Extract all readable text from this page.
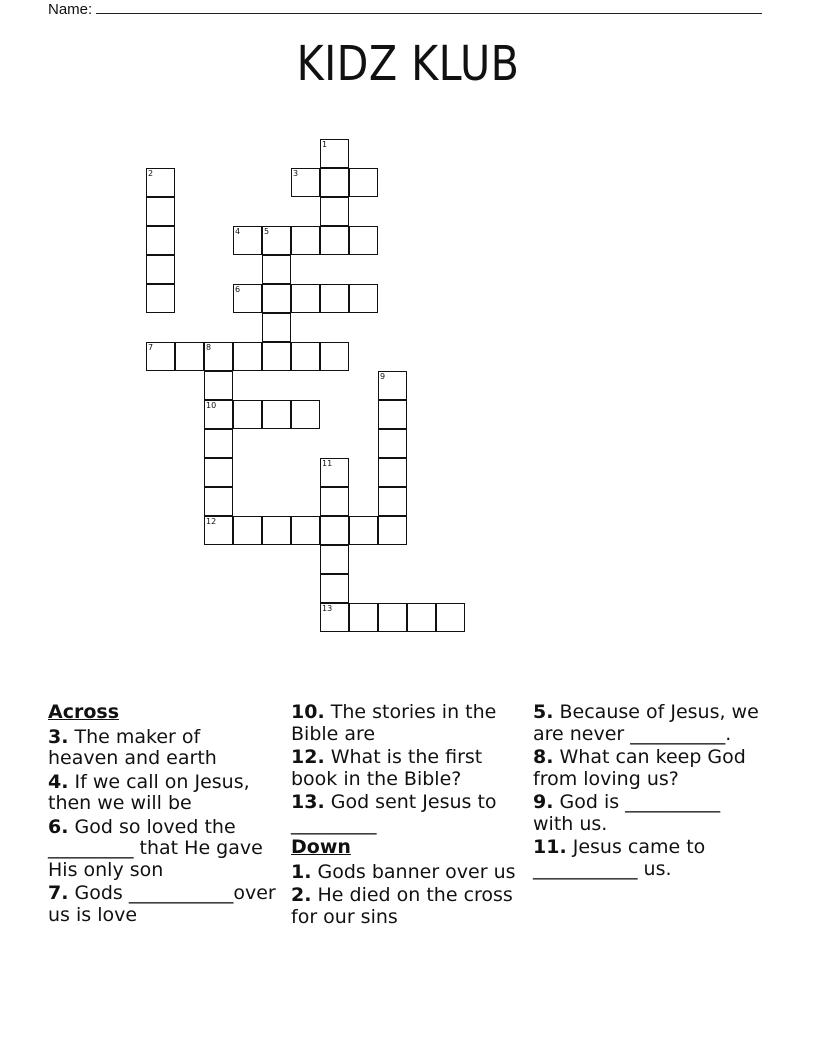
Name:
KIDZ KLUB
1
2	3
4	5
6
7	8
9
10
11
12
13
Across
3. The maker of heaven and earth
4. If we call on Jesus, then we will be
6. God so loved the _________ that He gave His only son
7. Gods ___________over us is love
10. The stories in the Bible are
12. What is the first book in the Bible?
13. God sent Jesus to _________
Down
1. Gods banner over us
2. He died on the cross for our sins
5. Because of Jesus, we are never __________.
8. What can keep God from loving us?
9. God is __________ with us.
11. Jesus came to ___________ us.
